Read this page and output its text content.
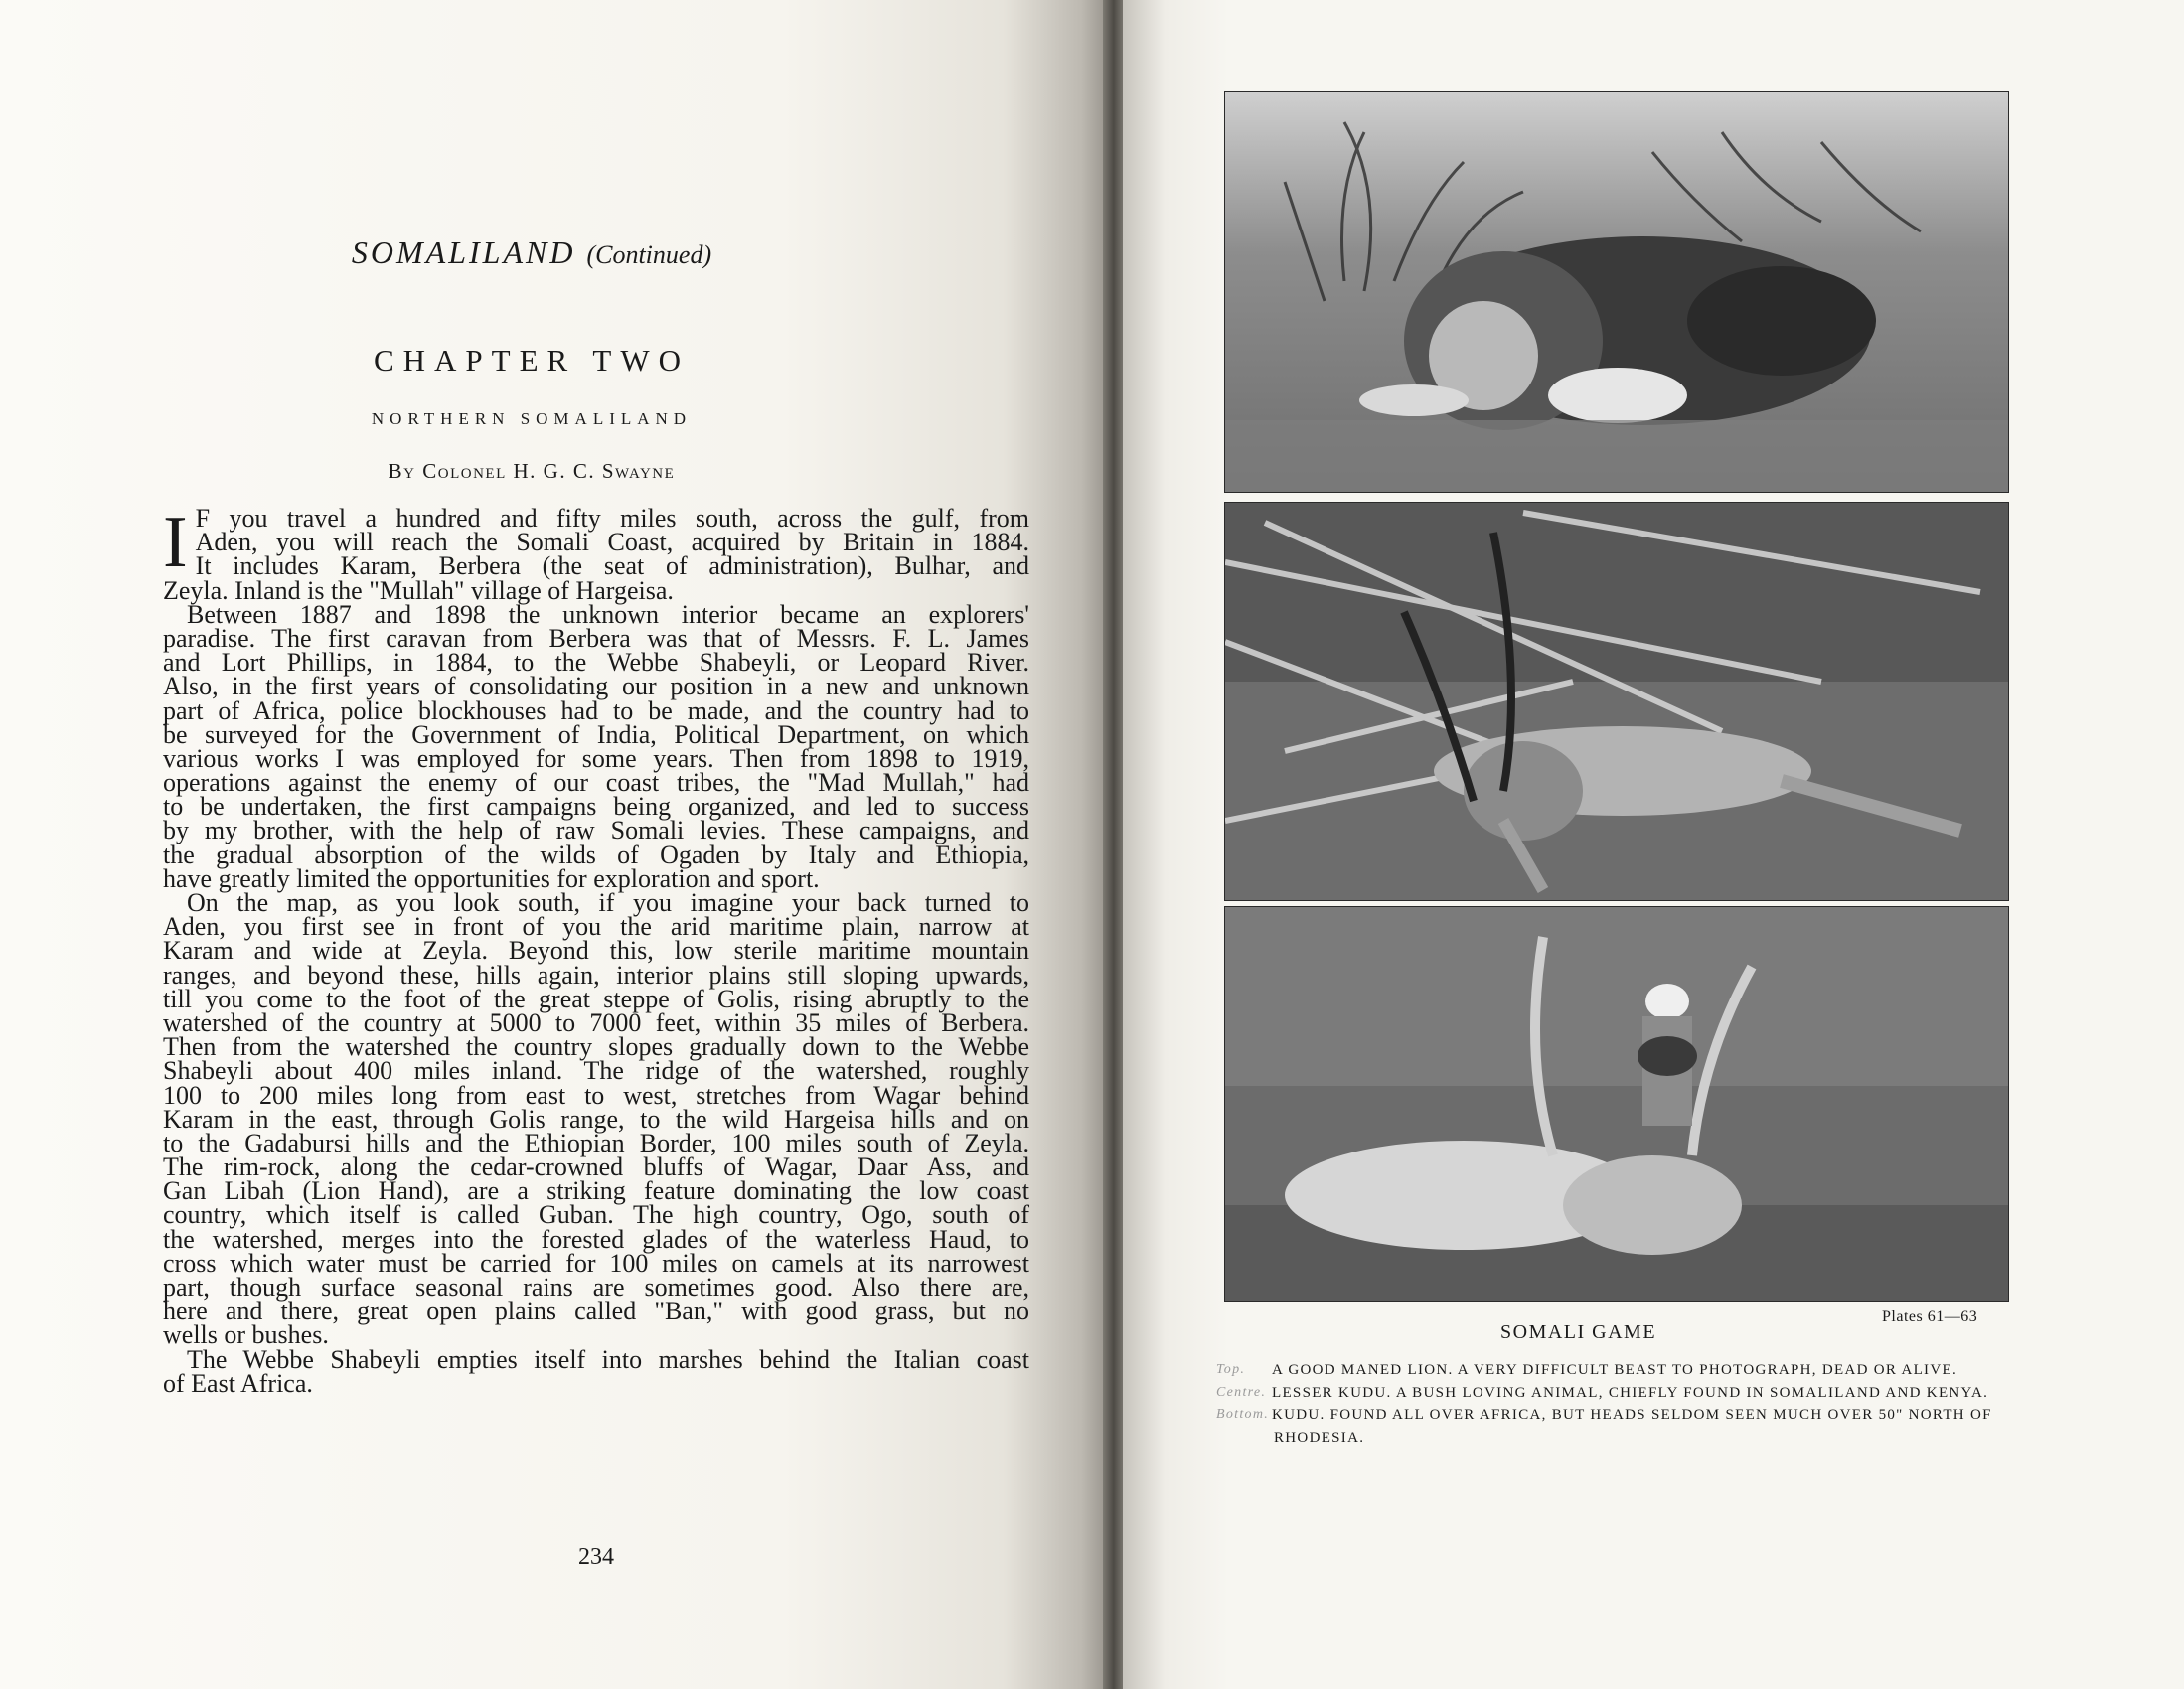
SOMALILAND (Continued)
CHAPTER TWO
NORTHERN SOMALILAND
By Colonel H. G. C. Swayne
I F you travel a hundred and fifty miles south, across the gulf, from
Aden, you will reach the Somali Coast, acquired by Britain in 1884.
It includes Karam, Berbera (the seat of administration), Bulhar, and
Zeyla. Inland is the "Mullah" village of Hargeisa.
Between 1887 and 1898 the unknown interior became an explorers'
paradise. The first caravan from Berbera was that of Messrs. F. L. James
and Lort Phillips, in 1884, to the Webbe Shabeyli, or Leopard River.
Also, in the first years of consolidating our position in a new and unknown
part of Africa, police blockhouses had to be made, and the country had to
be surveyed for the Government of India, Political Department, on which
various works I was employed for some years. Then from 1898 to 1919,
operations against the enemy of our coast tribes, the "Mad Mullah," had
to be undertaken, the first campaigns being organized, and led to success
by my brother, with the help of raw Somali levies. These campaigns, and
the gradual absorption of the wilds of Ogaden by Italy and Ethiopia,
have greatly limited the opportunities for exploration and sport.
On the map, as you look south, if you imagine your back turned to
Aden, you first see in front of you the arid maritime plain, narrow at
Karam and wide at Zeyla. Beyond this, low sterile maritime mountain
ranges, and beyond these, hills again, interior plains still sloping upwards,
till you come to the foot of the great steppe of Golis, rising abruptly to the
watershed of the country at 5000 to 7000 feet, within 35 miles of Berbera.
Then from the watershed the country slopes gradually down to the Webbe
Shabeyli about 400 miles inland. The ridge of the watershed, roughly
100 to 200 miles long from east to west, stretches from Wagar behind
Karam in the east, through Golis range, to the wild Hargeisa hills and on
to the Gadabursi hills and the Ethiopian Border, 100 miles south of Zeyla.
The rim-rock, along the cedar-crowned bluffs of Wagar, Daar Ass, and
Gan Libah (Lion Hand), are a striking feature dominating the low coast
country, which itself is called Guban. The high country, Ogo, south of
the watershed, merges into the forested glades of the waterless Haud, to
cross which water must be carried for 100 miles on camels at its narrowest
part, though surface seasonal rains are sometimes good. Also there are,
here and there, great open plains called "Ban," with good grass, but no
wells or bushes.
The Webbe Shabeyli empties itself into marshes behind the Italian coast
of East Africa.
234
Plates 61—63
SOMALI GAME
Top. A GOOD MANED LION. A VERY DIFFICULT BEAST TO PHOTOGRAPH, DEAD OR ALIVE.
Centre. LESSER KUDU. A BUSH LOVING ANIMAL, CHIEFLY FOUND IN SOMALILAND AND KENYA.
Bottom. KUDU. FOUND ALL OVER AFRICA, BUT HEADS SELDOM SEEN MUCH OVER 50" NORTH OF RHODESIA.
